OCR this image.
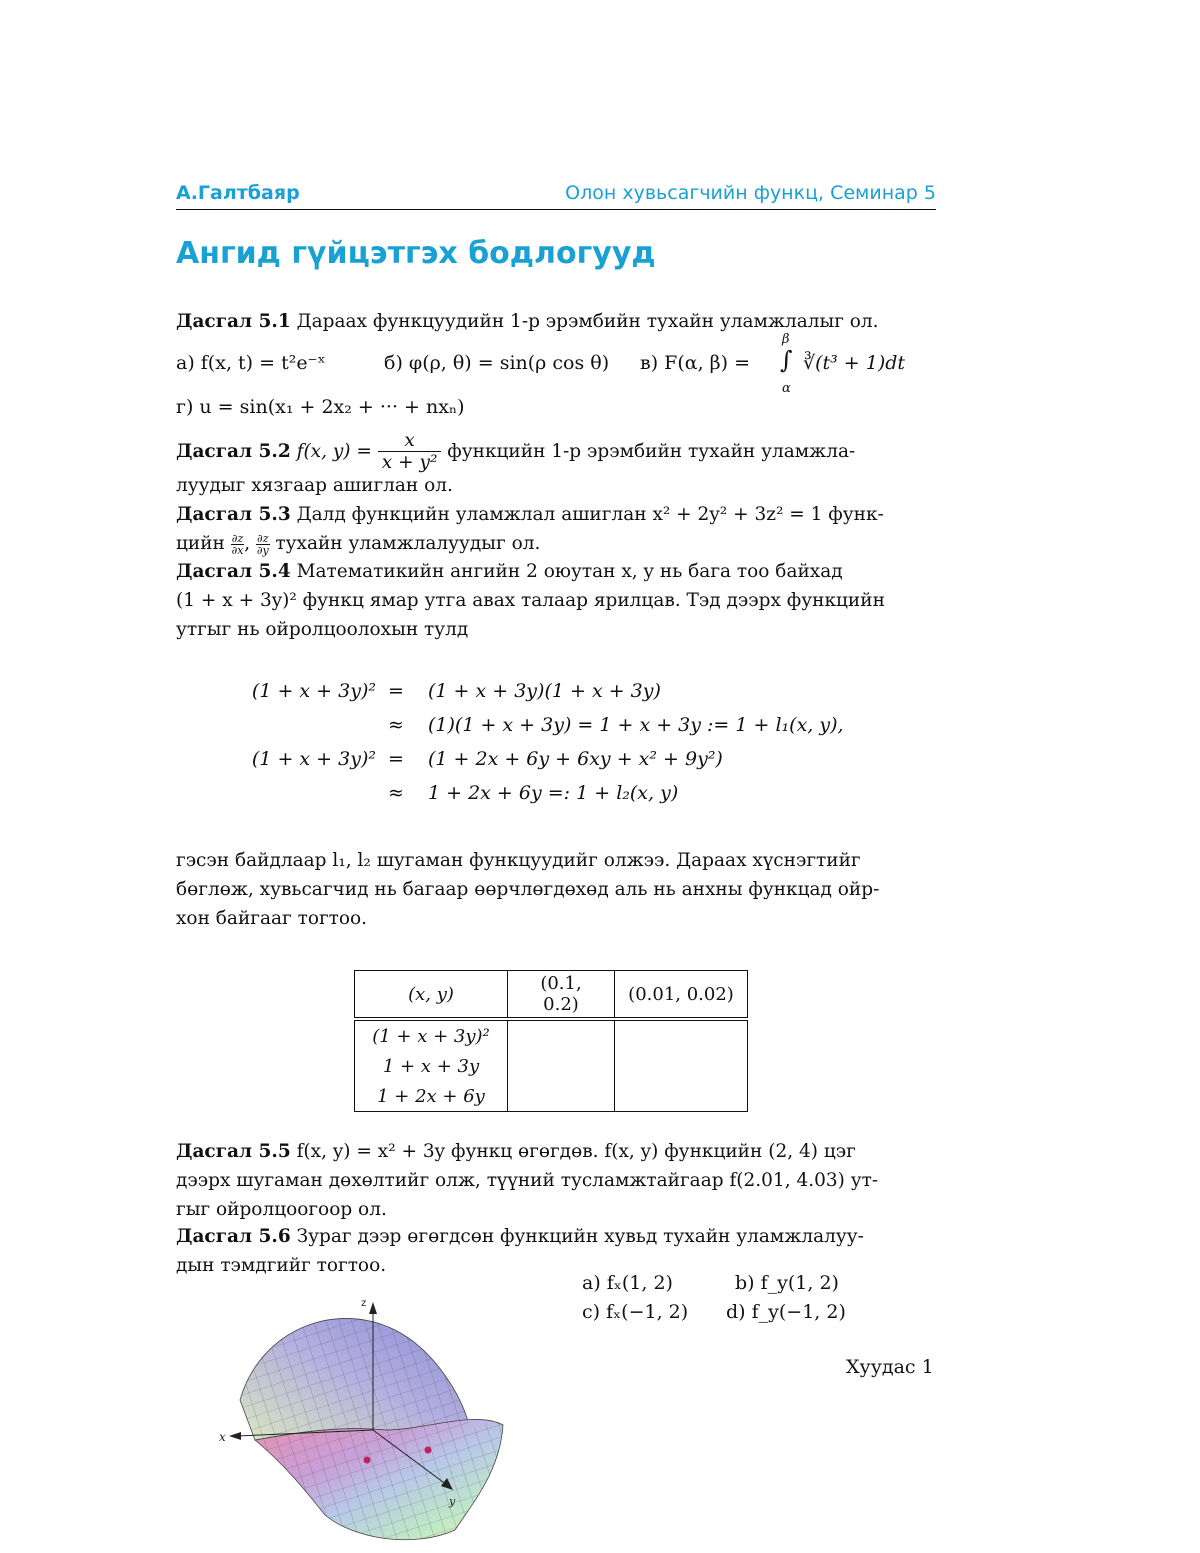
А.Галтбаяр	Олон хувьсагчийн функц, Семинар 5
Ангид гүйцэтгэх бодлогууд
Дасгал 5.1 Дараах функцуудийн 1-р эрэмбийн тухайн уламжлалыг ол.
а) f(x, t) = t²e⁻ˣ	б) φ(ρ, θ) = sin(ρ cos θ) в) F(α, β) =
β
∫
α
∛(t³ + 1)dt
г) u = sin(x₁ + 2x₂ + ··· + nxₙ)
Дасгал 5.2 f(x, $y) = \frac{x}{\text{x + y²}}$ функцийн 1-р эрэмбийн тухайн уламжла-
луудыг хязгаар ашиглан ол.
Дасгал 5.3 Далд функцийн уламжлал ашиглан x² + 2y² + 3z² = 1 функ-
цийн $\frac{\partial z}{\partial x}$ , $\frac{\partial z}{\partial y}$ тухайн уламжлалуудыг ол.
Дасгал 5.4 Математикийн ангийн 2 оюутан x, y нь бага тоо байхад
(1 + x + 3y)² функц ямар утга авах талаар ярилцав. Тэд дээрх функцийн
утгыг нь ойролцоолохын тулд
(1 + x + 3y)² = (1 + x + 3y)(1 + x + 3y)
≈ (1)(1 + x + 3y) = 1 + x + 3y := 1 + l₁(x, y),
(1 + x + 3y)² = (1 + 2x + 6y + 6xy + x² + 9y²)
≈ 1 + 2x + 6y =: 1 + l₂(x, y)
гэсэн байдлаар l₁, l₂ шугаман функцуудийг олжээ. Дараах хүснэгтийг
бөглөж, хувьсагчид нь багаар өөрчлөгдөхөд аль нь анхны функцад ойр-
хон байгааг тогтоо.
(x, y)	(0.1, 0.2)	(0.01, 0.02)

(1 + x + 3y)²		
1 + x + 3y		
1 + 2x + 6y		
Дасгал 5.5 f(x, y) = x² + 3y функц өгөгдөв. f(x, y) функцийн (2, 4) цэг
дээрх шугаман дөхөлтийг олж, түүний тусламжтайгаар f(2.01, 4.03) ут-
гыг ойролцоогоор ол.
Дасгал 5.6 Зураг дээр өгөгдсөн функцийн хувьд тухайн уламжлалуу-
дын тэмдгийг тогтоо.
a) fₓ(1, 2)	b) f_y(1, 2)
c) fₓ(−1, 2) d) f_y(−1, 2)
Хуудас 1
z
x
y
